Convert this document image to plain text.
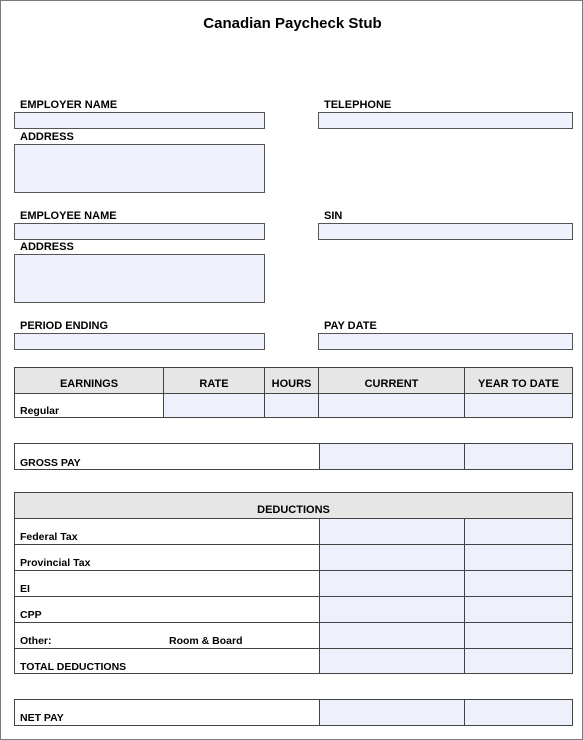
Canadian Paycheck Stub
EMPLOYER NAME	TELEPHONE
ADDRESS
EMPLOYEE NAME	SIN
ADDRESS
PERIOD ENDING	PAY DATE
EARNINGS	RATE	HOURS	CURRENT	YEAR TO DATE
Regular
GROSS PAY
DEDUCTIONS
Federal Tax
Provincial Tax
EI
CPP
Other:	Room & Board
TOTAL DEDUCTIONS
NET PAY
